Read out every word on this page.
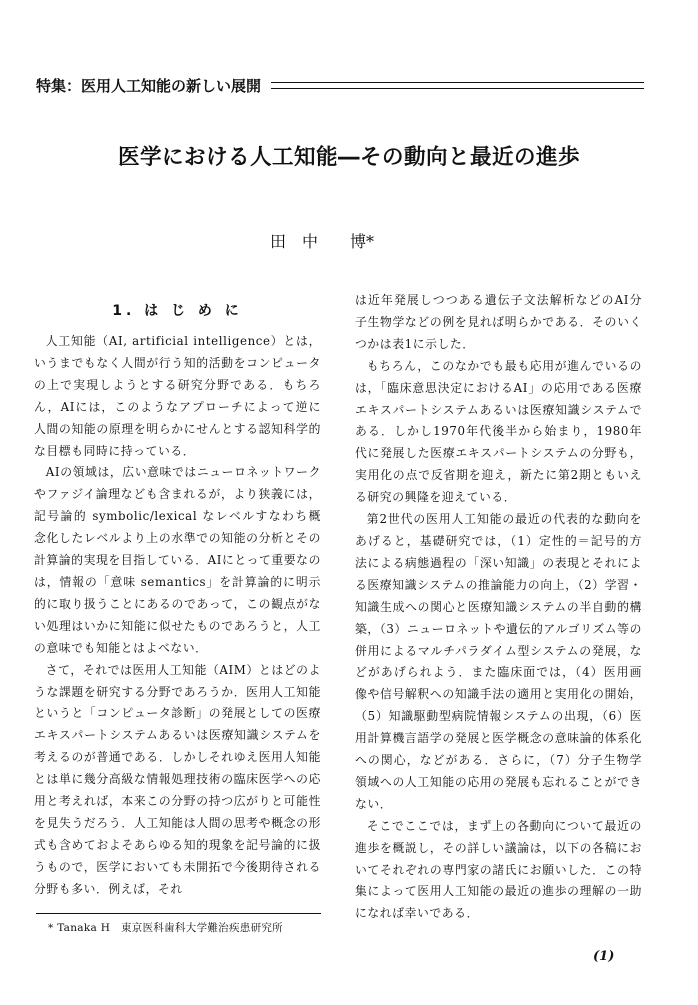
特集：医用人工知能の新しい展開
医学における人工知能―その動向と最近の進歩
田　中　　博*
1. は じ め に

人工知能（AI, artificial intelligence）とは，いうまでもなく人間が行う知的活動をコンピュータの上で実現しようとする研究分野である．もちろん，AIには，このようなアプローチによって逆に人間の知能の原理を明らかにせんとする認知科学的な目標も同時に持っている．

AIの領域は，広い意味ではニューロネットワークやファジイ論理なども含まれるが，より狭義には，記号論的 symbolic/lexical なレベルすなわち概念化したレベルより上の水準での知能の分析とその計算論的実現を目指している．AIにとって重要なのは，情報の「意味 semantics」を計算論的に明示的に取り扱うことにあるのであって，この観点がない処理はいかに知能に似せたものであろうと，人工の意味でも知能とはよべない．

さて，それでは医用人工知能（AIM）とはどのような課題を研究する分野であろうか．医用人工知能というと「コンピュータ診断」の発展としての医療エキスパートシステムあるいは医療知識システムを考えるのが普通である．しかしそれゆえ医用人知能とは単に幾分高級な情報処理技術の臨床医学への応用と考えれば，本来この分野の持つ広がりと可能性を見失うだろう．人工知能は人間の思考や概念の形式も含めておよそあらゆる知的現象を記号論的に扱うもので，医学においても未開拓で今後期待される分野も多い．例えば，それ

は近年発展しつつある遺伝子文法解析などのAI分子生物学などの例を見れば明らかである．そのいくつかは表1に示した．

もちろん，このなかでも最も応用が進んでいるのは，「臨床意思決定におけるAI」の応用である医療エキスパートシステムあるいは医療知識システムである．しかし1970年代後半から始まり，1980年代に発展した医療エキスパートシステムの分野も，実用化の点で反省期を迎え，新たに第2期ともいえる研究の興隆を迎えている．

第2世代の医用人工知能の最近の代表的な動向をあげると，基礎研究では，（1）定性的＝記号的方法による病態過程の「深い知識」の表現とそれによる医療知識システムの推論能力の向上，（2）学習・知識生成への関心と医療知識システムの半自動的構築，（3）ニューロネットや遺伝的アルゴリズム等の併用によるマルチパラダイム型システムの発展，などがあげられよう．また臨床面では，（4）医用画像や信号解釈への知識手法の適用と実用化の開始，（5）知識駆動型病院情報システムの出現，（6）医用計算機言語学の発展と医学概念の意味論的体系化への関心，などがある．さらに，（7）分子生物学領域への人工知能の応用の発展も忘れることができない．

そこでここでは，まず上の各動向について最近の進歩を概説し，その詳しい議論は，以下の各稿においてそれぞれの専門家の諸氏にお願いした．この特集によって医用人工知能の最近の進歩の理解の一助になれば幸いである．

* Tanaka H　東京医科歯科大学難治疾患研究所
(1)
